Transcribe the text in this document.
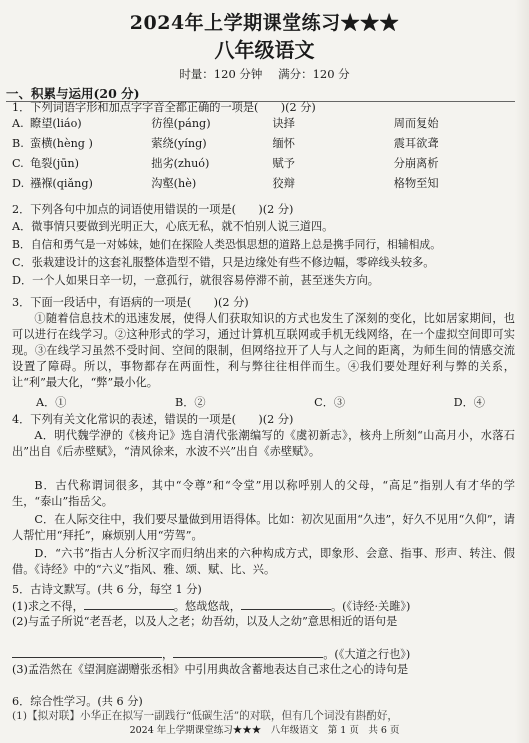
2024年上学期课堂练习★★★
八年级语文
时量：120 分钟 满分：120 分
一、积累与运用(20 分)
1．下列词语字形和加点字字音全都正确的一项是(　　)(2 分)
A. 瞭望(liáo)	彷徨(páng)	诀择	周而复始
B. 蛮横(hèng )	萦绕(yíng)	缅怀	震耳欲聋
C. 龟裂(jūn)	拙劣(zhuó)	赋予	分崩离析
D. 襁褓(qiǎng)	沟壑(hè)	狡辩	格物至知
2．下列各句中加点的词语使用错误的一项是(　　)(2 分)
A．微事情只要做到光明正大，心底无私，就不怕别人说三道四。
B．自信和勇气是一对姊妹，她们在探险人类恐惧思想的道路上总是携手同行，相辅相成。
C．张栽建设计的这套礼服整体造型不错，只是边缘处有些不修边幅，零碎线头较多。
D．一个人如果日辛一切，一意孤行，就很容易停滞不前，甚至迷失方向。
3．下面一段话中，有语病的一项是(　　)(2 分)
①随着信息技术的迅速发展，使得人们获取知识的方式也发生了深刻的变化，比如居家期间，也可以进行在线学习。②这种形式的学习，通过计算机互联网或手机无线网络，在一个虚拟空间即可实现。③在线学习虽然不受时间、空间的限制，但网络拉开了人与人之间的距离，为师生间的情感交流设置了障碍。所以，事物都存在两面性，利与弊往往相伴而生。④我们要处理好利与弊的关系，让“利”最大化，“弊”最小化。
A．①	B．②	C．③	D．④
4．下列有关文化常识的表述，错误的一项是(　　)(2 分)
A．明代魏学洢的《核舟记》选自清代张潮编写的《虞初新志》，核舟上所刻“山高月小，水落石出”出自《后赤壁赋》，“清风徐来，水波不兴”出自《赤壁赋》。
B．古代称谓词很多，其中“令尊”和“令堂”用以称呼别人的父母，“高足”指别人有才华的学生，“泰山”指岳父。
C．在人际交往中，我们要尽量做到用语得体。比如：初次见面用“久违”，好久不见用“久仰”，请人帮忙用“拜托”，麻烦别人用“劳驾”。
D．“六书”指古人分析汉字而归纳出来的六种构成方式，即象形、会意、指事、形声、转注、假借。《诗经》中的“六义”指风、雅、颂、赋、比、兴。
5．古诗文默写。(共 6 分，每空 1 分)
(1)求之不得，	。悠哉悠哉，	。(《诗经·关雎》)
(2)与孟子所说“老吾老，以及人之老；幼吾幼，以及人之幼”意思相近的语句是
，	。(《大道之行也》)
(3)孟浩然在《望洞庭湖赠张丞相》中引用典故含蓄地表达自己求仕之心的诗句是
6．综合性学习。(共 6 分)
(1)【拟对联】小华正在拟写一副践行“低碳生活”的对联，但有几个词没有斟酌好，
2024 年上学期课堂练习★★★　八年级语文　第 1 页　共 6 页
